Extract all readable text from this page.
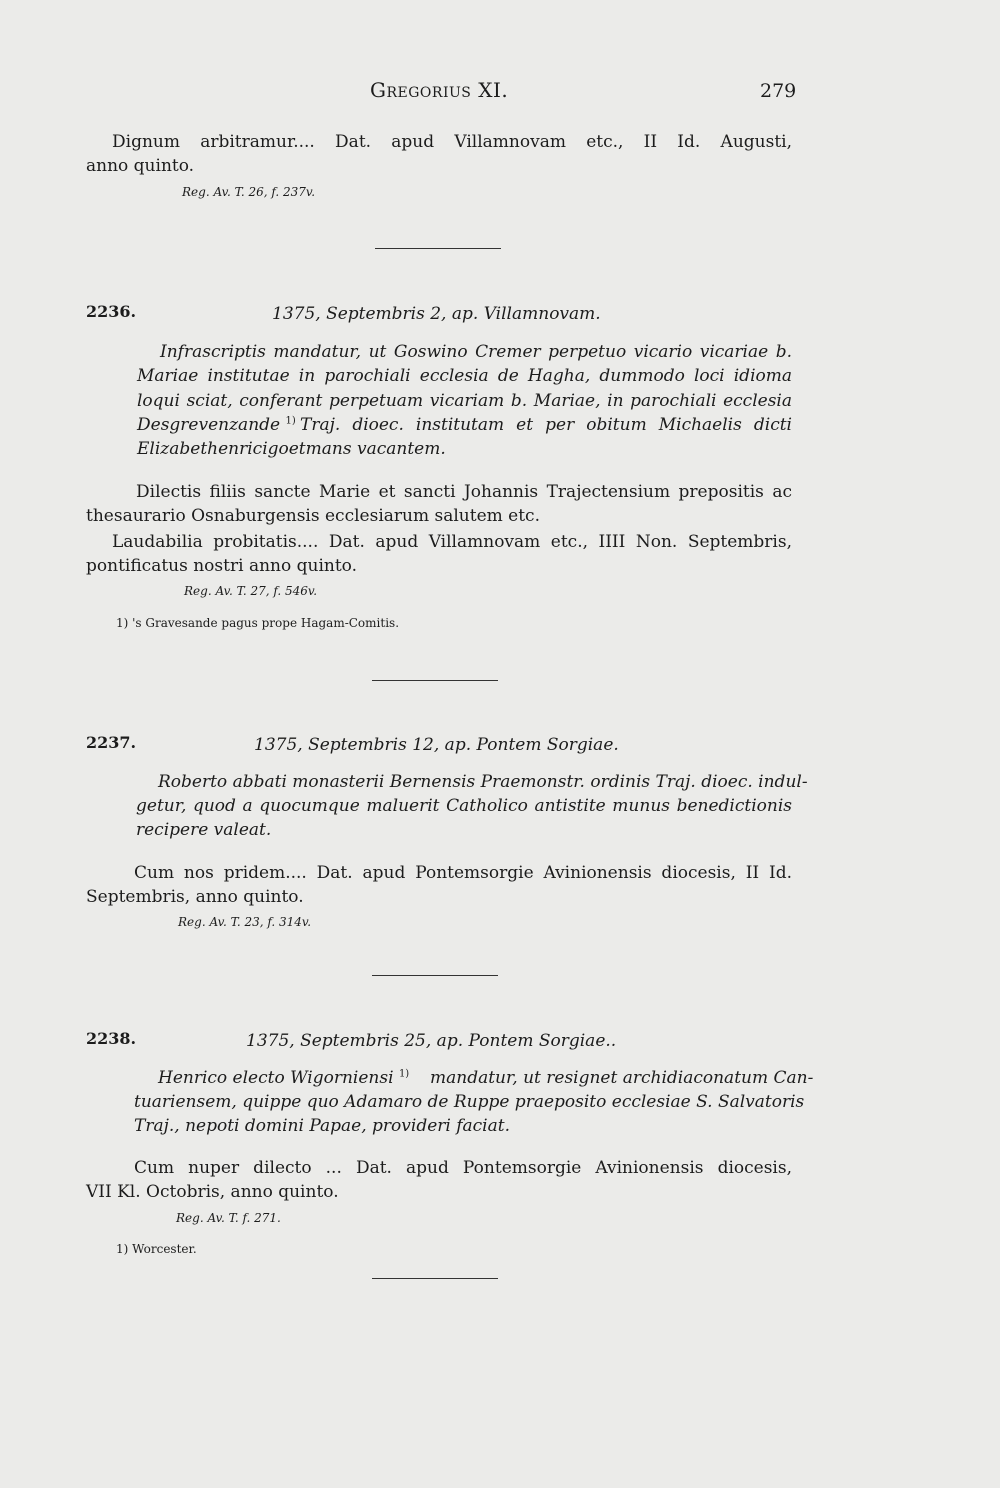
Gregorius XI.	279
Dignum arbitramur.... Dat. apud Villamnovam etc., II Id. Augusti,
anno quinto.
Reg. Av. T. 26, f. 237v.
2236.	1375, Septembris 2, ap. Villamnovam.
Infrascriptis mandatur, ut Goswino Cremer perpetuo vicario vicariae b.
Mariae institutae in parochiali ecclesia de Hagha, dummodo loci idioma
loqui sciat, conferant perpetuam vicariam b. Mariae, in parochiali ecclesia
Desgrevenzande $^{1)}$ Traj. dioec. institutam et per obitum Michaelis dicti
Elizabethenricigoetmans vacantem.
Dilectis filiis sancte Marie et sancti Johannis Trajectensium prepositis ac
thesaurario Osnaburgensis ecclesiarum salutem etc.
Laudabilia probitatis.... Dat. apud Villamnovam etc., IIII Non. Septembris,
pontificatus nostri anno quinto.
Reg. Av. T. 27, f. 546v.
1) 's Gravesande pagus prope Hagam-Comitis.
2237.	1375, Septembris 12, ap. Pontem Sorgiae.
Roberto abbati monasterii Bernensis Praemonstr. ordinis Traj. dioec. indul-
getur, quod a quocumque maluerit Catholico antistite munus benedictionis
recipere valeat.
Cum nos pridem.... Dat. apud Pontemsorgie Avinionensis diocesis, II Id.
Septembris, anno quinto.
Reg. Av. T. 23, f. 314v.
2238.	1375, Septembris 25, ap. Pontem Sorgiae..
Henrico electo Wigorniensi $^{1)}$ mandatur, ut resignet archidiaconatum Can-
tuariensem, quippe quo Adamaro de Ruppe praeposito ecclesiae S. Salvatoris
Traj., nepoti domini Papae, provideri faciat.
Cum nuper dilecto ... Dat. apud Pontemsorgie Avinionensis diocesis,
VII Kl. Octobris, anno quinto.
Reg. Av. T. f. 271.
1) Worcester.
